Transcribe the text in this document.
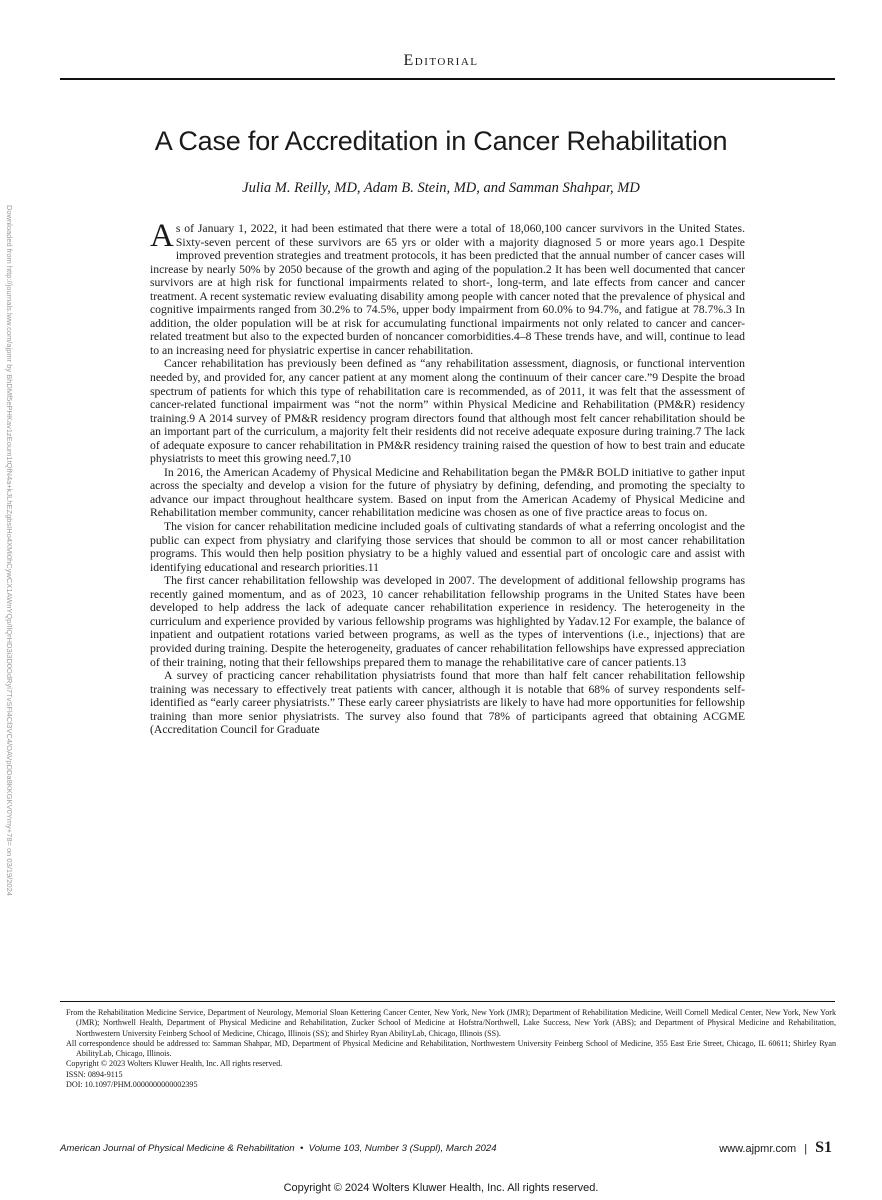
Editorial
Downloaded from http://journals.lww.com/ajpmr by BhDMf5ePHKav1zEoum1tQfN4a+kJLhEZgbsIHo4XMi0hCywCX1AWnYQp/IlQrHD3i3D0OdRyi7TvSFl4Cf3VC4/OAVpDDa8KKGKV0Ymy+78= on 03/19/2024
A Case for Accreditation in Cancer Rehabilitation
Julia M. Reilly, MD, Adam B. Stein, MD, and Samman Shahpar, MD

As of January 1, 2022, it had been estimated that there were a total of 18,060,100 cancer survivors in the United States. Sixty-seven percent of these survivors are 65 yrs or older with a majority diagnosed 5 or more years ago.1 Despite improved prevention strategies and treatment protocols, it has been predicted that the annual number of cancer cases will increase by nearly 50% by 2050 because of the growth and aging of the population.2 It has been well documented that cancer survivors are at high risk for functional impairments related to short-, long-term, and late effects from cancer and cancer treatment. A recent systematic review evaluating disability among people with cancer noted that the prevalence of physical and cognitive impairments ranged from 30.2% to 74.5%, upper body impairment from 60.0% to 94.7%, and fatigue at 78.7%.3 In addition, the older population will be at risk for accumulating functional impairments not only related to cancer and cancer-related treatment but also to the expected burden of noncancer comorbidities.4–8 These trends have, and will, continue to lead to an increasing need for physiatric expertise in cancer rehabilitation.

Cancer rehabilitation has previously been defined as “any rehabilitation assessment, diagnosis, or functional intervention needed by, and provided for, any cancer patient at any moment along the continuum of their cancer care.”9 Despite the broad spectrum of patients for which this type of rehabilitation care is recommended, as of 2011, it was felt that the assessment of cancer-related functional impairment was “not the norm” within Physical Medicine and Rehabilitation (PM&R) residency training.9 A 2014 survey of PM&R residency program directors found that although most felt cancer rehabilitation should be an important part of the curriculum, a majority felt their residents did not receive adequate exposure during training.7 The lack of adequate exposure to cancer rehabilitation in PM&R residency training raised the question of how to best train and educate physiatrists to meet this growing need.7,10

In 2016, the American Academy of Physical Medicine and Rehabilitation began the PM&R BOLD initiative to gather input across the specialty and develop a vision for the future of physiatry by defining, defending, and promoting the specialty to advance our impact throughout healthcare system. Based on input from the American Academy of Physical Medicine and Rehabilitation member community, cancer rehabilitation medicine was chosen as one of five practice areas to focus on.

The vision for cancer rehabilitation medicine included goals of cultivating standards of what a referring oncologist and the public can expect from physiatry and clarifying those services that should be common to all or most cancer rehabilitation programs. This would then help position physiatry to be a highly valued and essential part of oncologic care and assist with identifying educational and research priorities.11

The first cancer rehabilitation fellowship was developed in 2007. The development of additional fellowship programs has recently gained momentum, and as of 2023, 10 cancer rehabilitation fellowship programs in the United States have been developed to help address the lack of adequate cancer rehabilitation experience in residency. The heterogeneity in the curriculum and experience provided by various fellowship programs was highlighted by Yadav.12 For example, the balance of inpatient and outpatient rotations varied between programs, as well as the types of interventions (i.e., injections) that are provided during training. Despite the heterogeneity, graduates of cancer rehabilitation fellowships have expressed appreciation of their training, noting that their fellowships prepared them to manage the rehabilitative care of cancer patients.13

A survey of practicing cancer rehabilitation physiatrists found that more than half felt cancer rehabilitation fellowship training was necessary to effectively treat patients with cancer, although it is notable that 68% of survey respondents self-identified as “early career physiatrists.” These early career physiatrists are likely to have had more opportunities for fellowship training than more senior physiatrists. The survey also found that 78% of participants agreed that obtaining ACGME (Accreditation Council for Graduate

From the Rehabilitation Medicine Service, Department of Neurology, Memorial Sloan Kettering Cancer Center, New York, New York (JMR); Department of Rehabilitation Medicine, Weill Cornell Medical Center, New York, New York (JMR); Northwell Health, Department of Physical Medicine and Rehabilitation, Zucker School of Medicine at Hofstra/Northwell, Lake Success, New York (ABS); and Department of Physical Medicine and Rehabilitation, Northwestern University Feinberg School of Medicine, Chicago, Illinois (SS); and Shirley Ryan AbilityLab, Chicago, Illinois (SS).

All correspondence should be addressed to: Samman Shahpar, MD, Department of Physical Medicine and Rehabilitation, Northwestern University Feinberg School of Medicine, 355 East Erie Street, Chicago, IL 60611; Shirley Ryan AbilityLab, Chicago, Illinois.

Copyright © 2023 Wolters Kluwer Health, Inc. All rights reserved.

ISSN: 0894-9115

DOI: 10.1097/PHM.0000000000002395

American Journal of Physical Medicine & Rehabilitation  •  Volume 103, Number 3 (Suppl), March 2024	www.ajpmr.com | S1
Copyright © 2024 Wolters Kluwer Health, Inc. All rights reserved.
